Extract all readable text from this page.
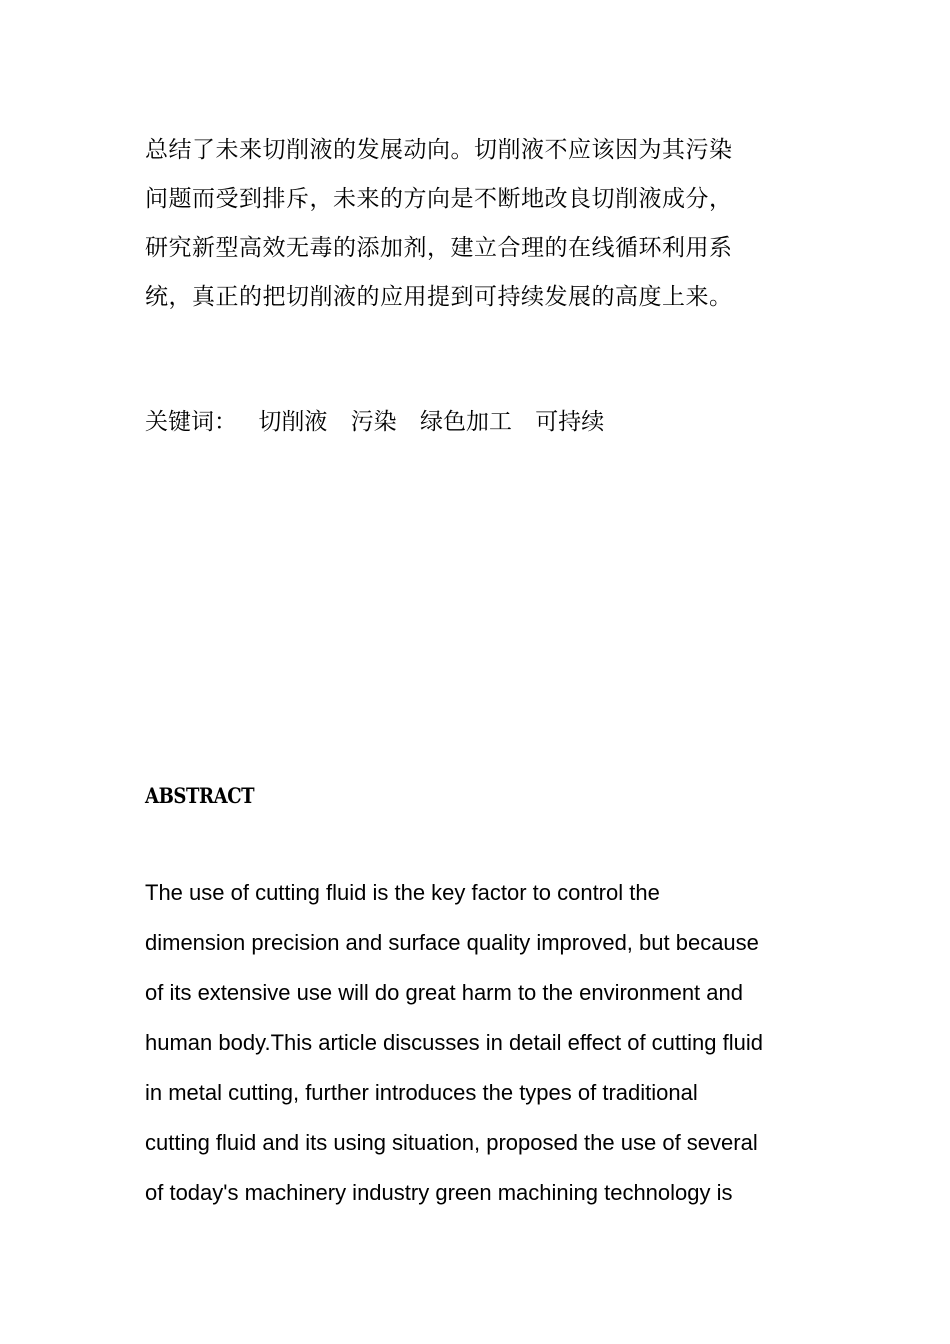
总结了未来切削液的发展动向。切削液不应该因为其污染
问题而受到排斥，未来的方向是不断地改良切削液成分，
研究新型高效无毒的添加剂，建立合理的在线循环利用系
统，真正的把切削液的应用提到可持续发展的高度上来。
关键词： 切削液 污染 绿色加工 可持续
ABSTRACT
The use of cutting fluid is the key factor to control the
dimension precision and surface quality improved, but because
of its extensive use will do great harm to the environment and
human body.This article discusses in detail effect of cutting fluid
in metal cutting, further introduces the types of traditional
cutting fluid and its using situation, proposed the use of several
of today's machinery industry green machining technology is
